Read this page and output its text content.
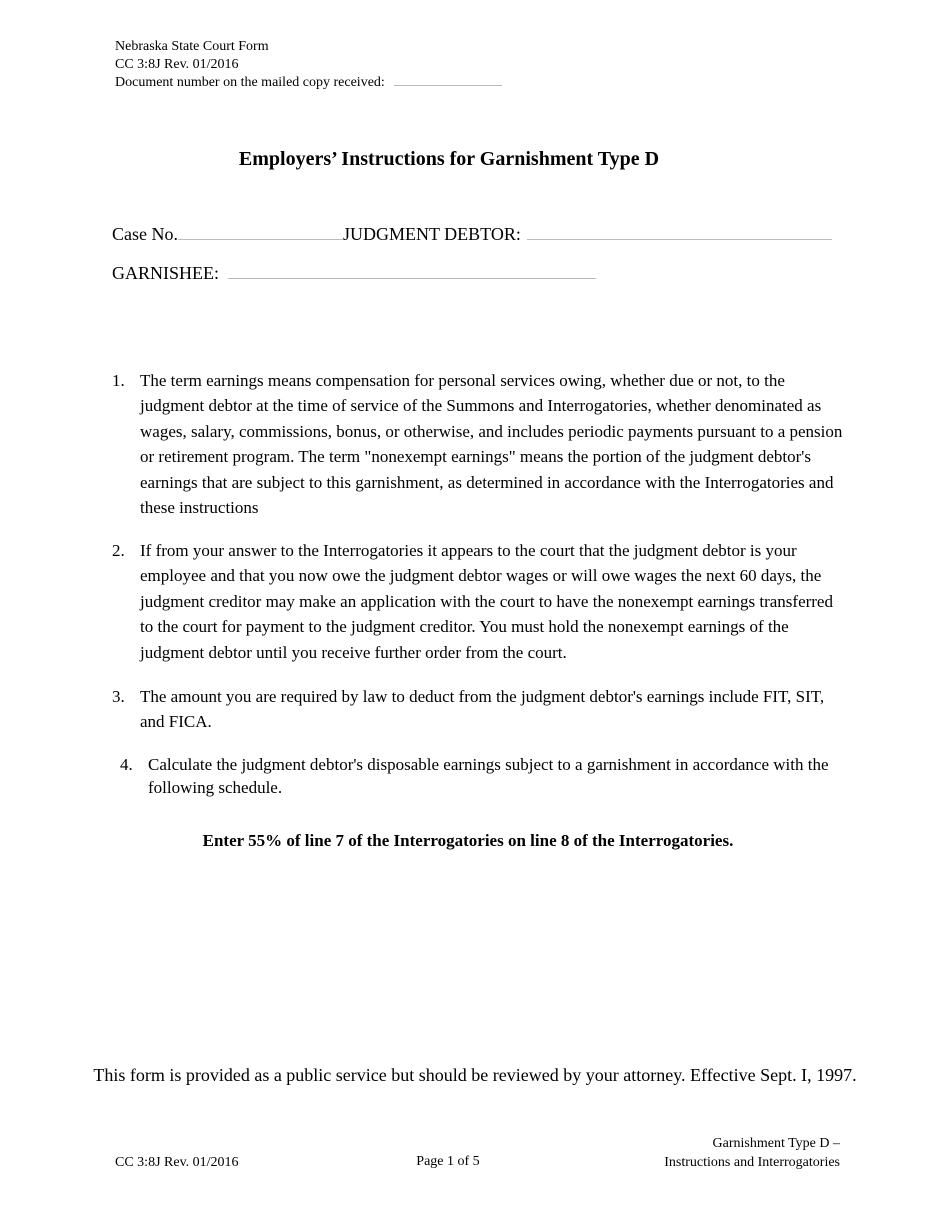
Nebraska State Court Form
CC 3:8J Rev. 01/2016
Document number on the mailed copy received:
Employers’ Instructions for Garnishment Type D
Case No.	JUDGMENT DEBTOR:
GARNISHEE:
1. The term earnings means compensation for personal services owing, whether due or not, to the judgment debtor at the time of service of the Summons and Interrogatories, whether denominated as wages, salary, commissions, bonus, or otherwise, and includes periodic payments pursuant to a pension or retirement program. The term "nonexempt earnings" means the portion of the judgment debtor's earnings that are subject to this garnishment, as determined in accordance with the Interrogatories and these instructions
2. If from your answer to the Interrogatories it appears to the court that the judgment debtor is your employee and that you now owe the judgment debtor wages or will owe wages the next 60 days, the judgment creditor may make an application with the court to have the nonexempt earnings transferred to the court for payment to the judgment creditor. You must hold the nonexempt earnings of the judgment debtor until you receive further order from the court.
3. The amount you are required by law to deduct from the judgment debtor's earnings include FIT, SIT, and FICA.
4. Calculate the judgment debtor's disposable earnings subject to a garnishment in accordance with the following schedule.
Enter 55% of line 7 of the Interrogatories on line 8 of the Interrogatories.
This form is provided as a public service but should be reviewed by your attorney. Effective Sept. I, 1997.
CC 3:8J Rev. 01/2016	Page 1 of 5
Garnishment Type D –
Instructions and Interrogatories
